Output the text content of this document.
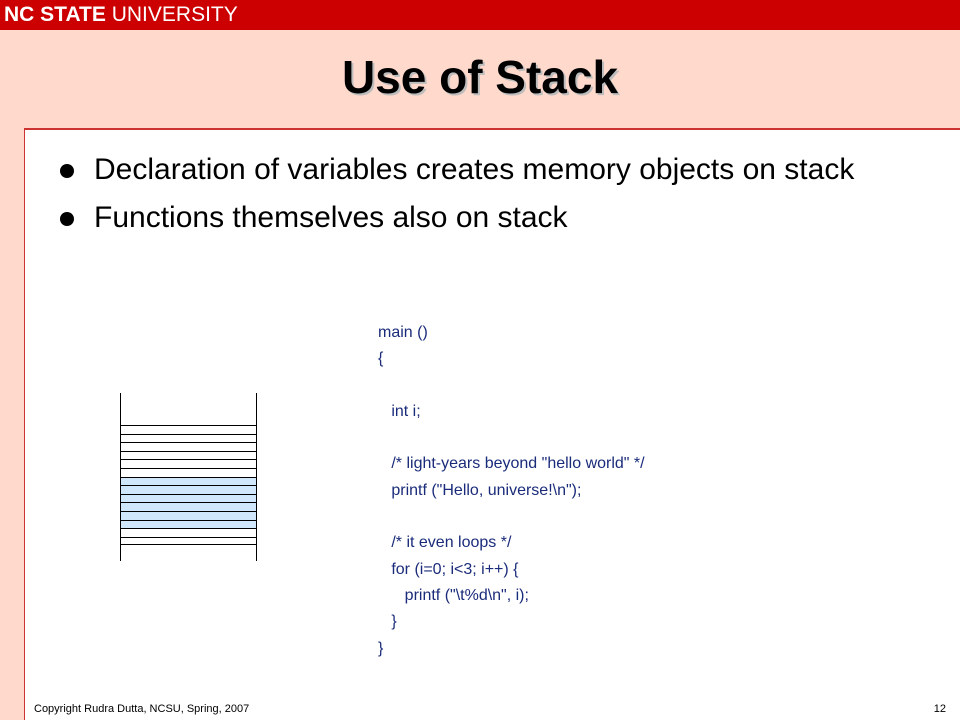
NC STATE UNIVERSITY
Use of Stack
Declaration of variables creates memory objects on stack
Functions themselves also on stack
main ()
{

int i;

/* light-years beyond "hello world" */
printf ("Hello, universe!\n");

/* it even loops */
for (i=0; i<3; i++) {
printf ("\t%d\n", i);
}
}
Copyright Rudra Dutta, NCSU, Spring, 2007	12
